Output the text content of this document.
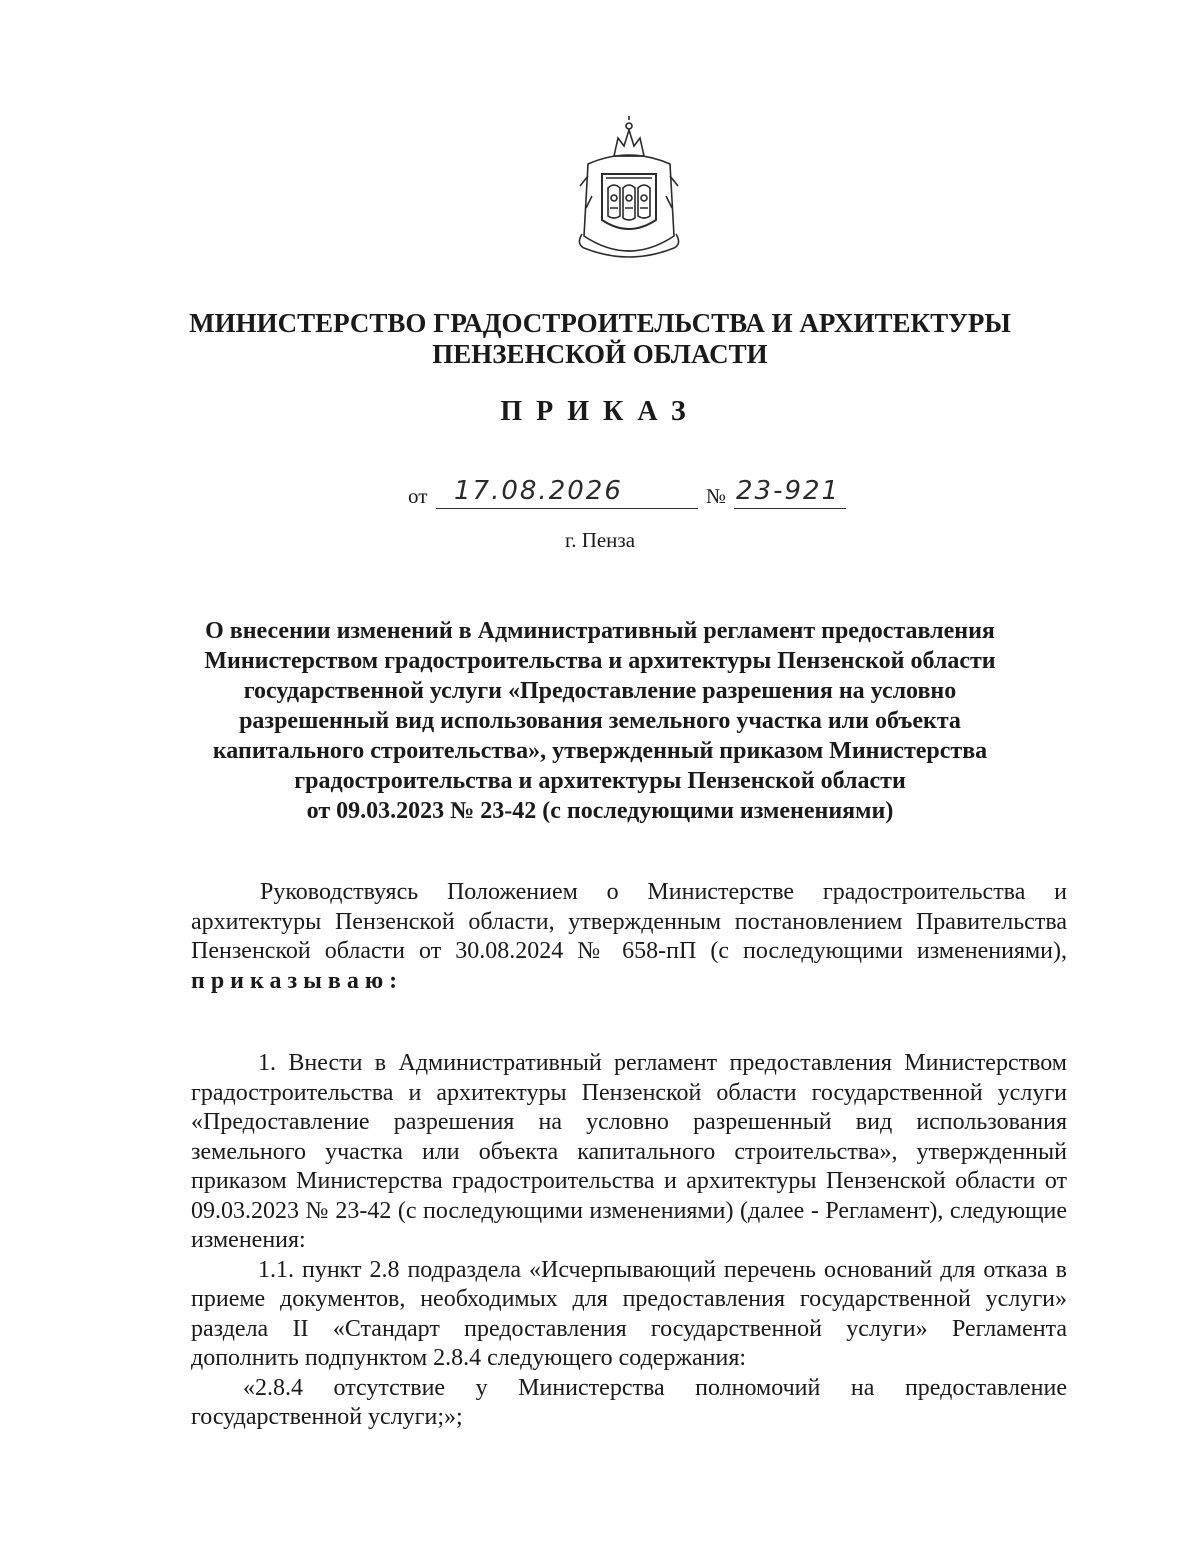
МИНИСТЕРСТВО ГРАДОСТРОИТЕЛЬСТВА И АРХИТЕКТУРЫ
ПЕНЗЕНСКОЙ ОБЛАСТИ
ПРИКАЗ
от 17.08.2026	№ 23-921
г. Пенза
О внесении изменений в Административный регламент предоставления
Министерством градостроительства и архитектуры Пензенской области
государственной услуги «Предоставление разрешения на условно
разрешенный вид использования земельного участка или объекта
капитального строительства», утвержденный приказом Министерства
градостроительства и архитектуры Пензенской области
от 09.03.2023 № 23-42 (с последующими изменениями)

Руководствуясь Положением о Министерстве градостроительства и архитектуры Пензенской области, утвержденным постановлением Правительства Пензенской области от 30.08.2024 № 658-пП (с последующими изменениями), приказываю:

1. Внести в Административный регламент предоставления Министерством градостроительства и архитектуры Пензенской области государственной услуги «Предоставление разрешения на условно разрешенный вид использования земельного участка или объекта капитального строительства», утвержденный приказом Министерства градостроительства и архитектуры Пензенской области от 09.03.2023 № 23-42 (с последующими изменениями) (далее - Регламент), следующие изменения:

1.1. пункт 2.8 подраздела «Исчерпывающий перечень оснований для отказа в приеме документов, необходимых для предоставления государственной услуги» раздела II «Стандарт предоставления государственной услуги» Регламента дополнить подпунктом 2.8.4 следующего содержания:

«2.8.4 отсутствие у Министерства полномочий на предоставление государственной услуги;»;
